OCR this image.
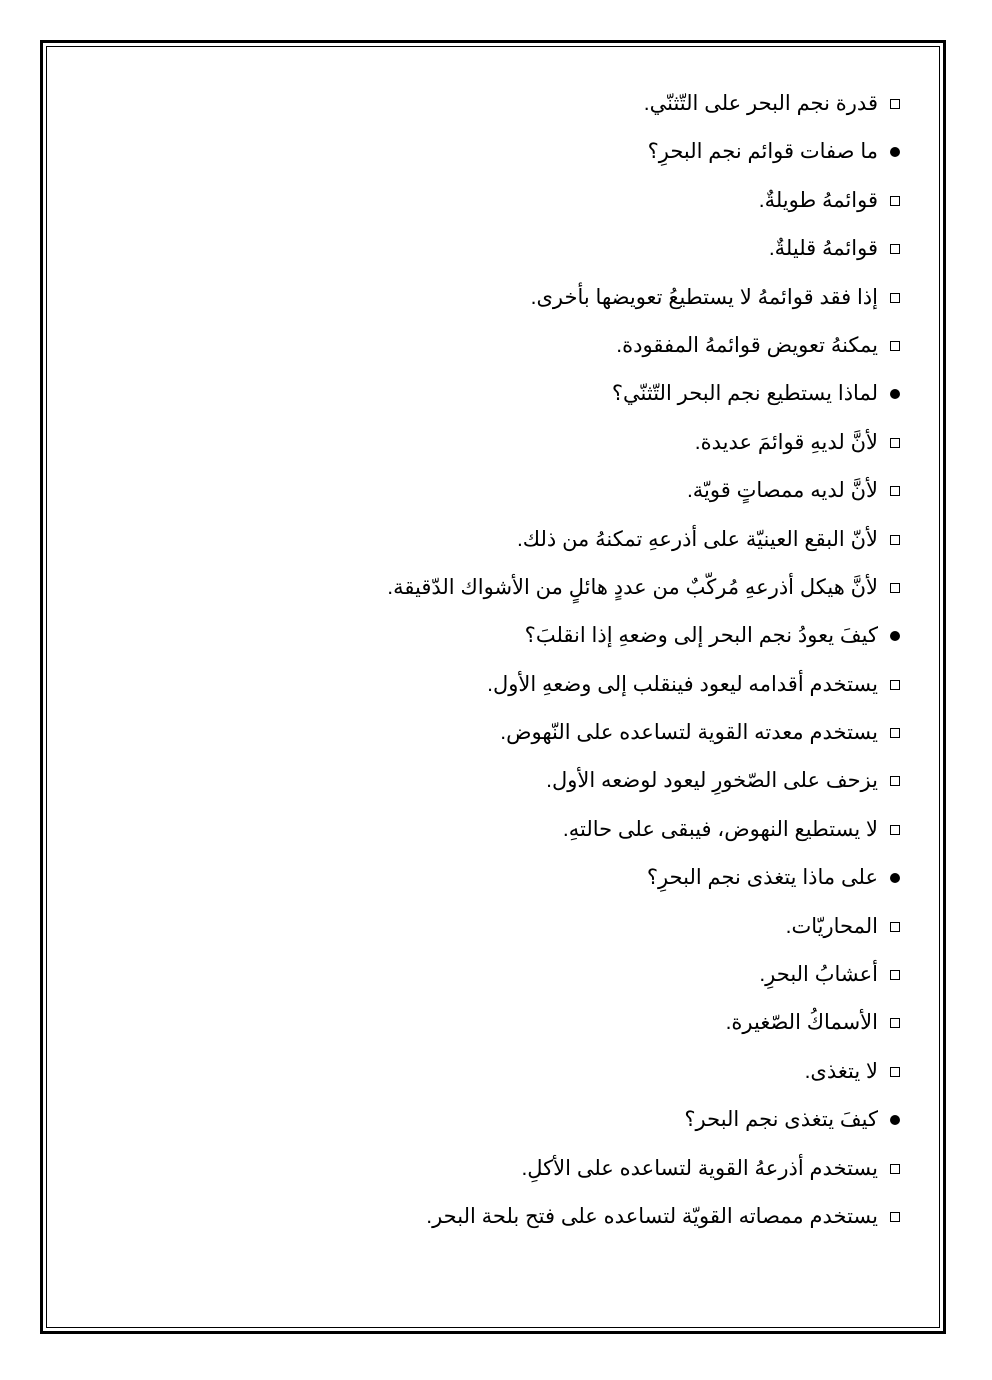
قدرة نجم البحر على التّثنّي.
ما صفات قوائم نجم البحرِ؟
قوائمهُ طويلةٌ.
قوائمهُ قليلةٌ.
إذا فقد قوائمهُ لا يستطيعُ تعويضها بأخرى.
يمكنهُ تعويض قوائمهُ المفقودة.
لماذا يستطيع نجم البحر التّثنّي؟
لأنَّ لديهِ قوائمَ عديدة.
لأنَّ لديه ممصاتٍ قويّة.
لأنّ البقع العينيّة على أذرعهِ تمكنهُ من ذلك.
لأنَّ هيكل أذرعهِ مُركّبٌ من عددٍ هائلٍ من الأشواك الدّقيقة.
كيفَ يعودُ نجم البحر إلى وضعهِ إذا انقلبَ؟
يستخدم أقدامه ليعود فينقلب إلى وضعهِ الأول.
يستخدم معدته القوية لتساعده على النّهوض.
يزحف على الصّخورِ ليعود لوضعه الأول.
لا يستطيع النهوض، فيبقى على حالتهِ.
على ماذا يتغذى نجم البحرِ؟
المحاريّات.
أعشابُ البحرِ.
الأسماكُ الصّغيرة.
لا يتغذى.
كيفَ يتغذى نجم البحر؟
يستخدم أذرعهُ القوية لتساعده على الأكلِ.
يستخدم ممصاته القويّة لتساعده على فتح بلحة البحر.
